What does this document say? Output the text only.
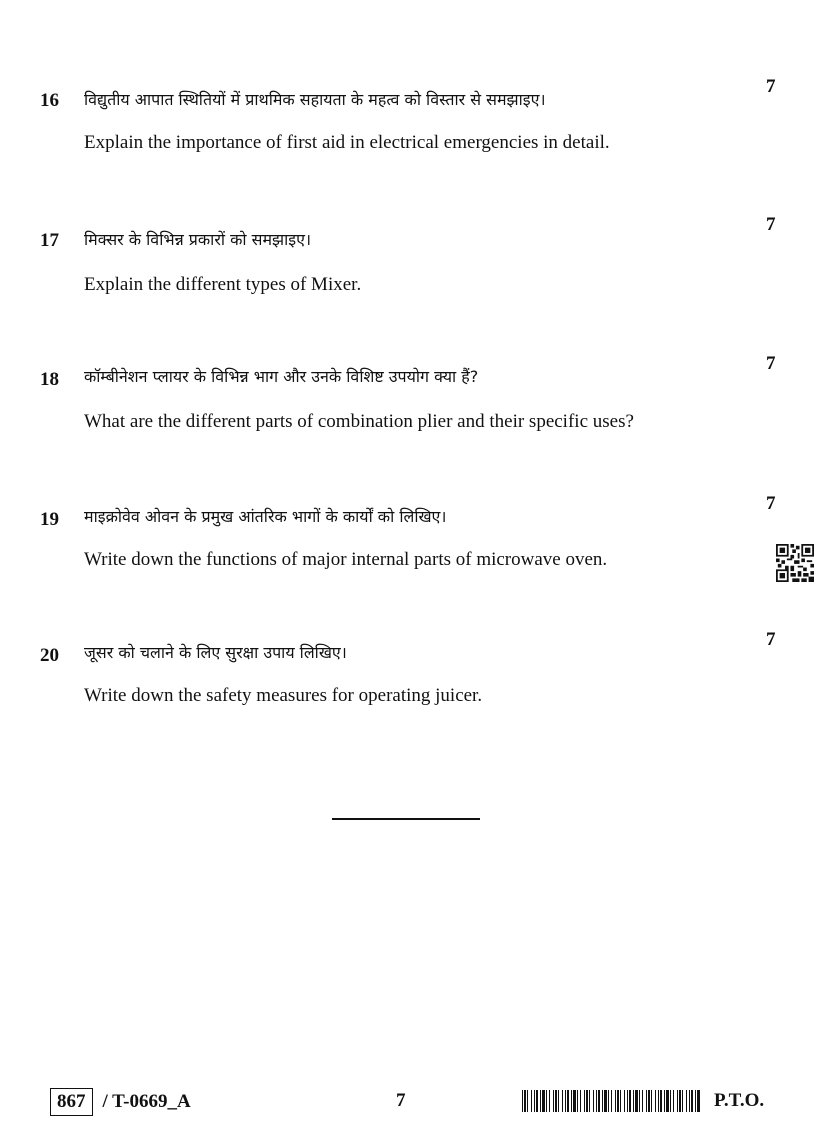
16 विद्युतीय आपात स्थितियों में प्राथमिक सहायता के महत्व को विस्तार से समझाइए।
Explain the importance of first aid in electrical emergencies in detail.
7
17 मिक्सर के विभिन्न प्रकारों को समझाइए।
Explain the different types of Mixer.
7
18 कॉम्बीनेशन प्लायर के विभिन्न भाग और उनके विशिष्ट उपयोग क्या हैं?
What are the different parts of combination plier and their specific uses?
7
19 माइक्रोवेव ओवन के प्रमुख आंतरिक भागों के कार्यों को लिखिए।
Write down the functions of major internal parts of microwave oven.
7
20 जूसर को चलाने के लिए सुरक्षा उपाय लिखिए।
Write down the safety measures for operating juicer.
7
867 / T-0669_A	7	P.T.O.
